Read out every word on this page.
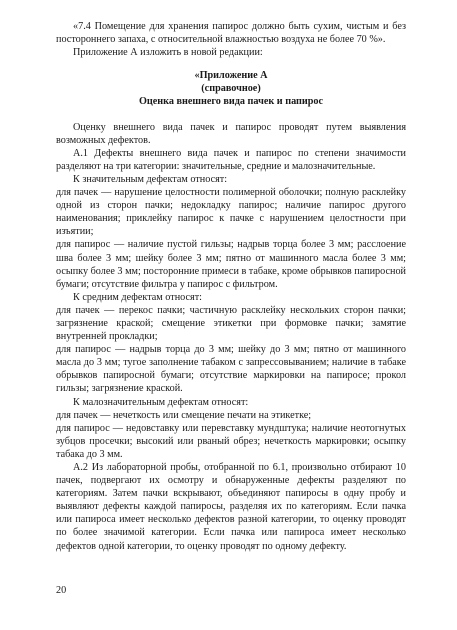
«7.4 Помещение для хранения папирос должно быть сухим, чистым и без постороннего запаха, с относительной влажностью воздуха не более 70 %».

Приложение А изложить в новой редакции:

«Приложение А

(справочное)

Оценка внешнего вида пачек и папирос

Оценку внешнего вида пачек и папирос проводят путем выявления возможных дефектов.

А.1 Дефекты внешнего вида пачек и папирос по степени значимости разделяют на три категории: значительные, средние и малозначительные.

К значительным дефектам относят:

для пачек — нарушение целостности полимерной оболочки; полную расклейку одной из сторон пачки; недокладку папирос; наличие папирос другого наименования; приклейку папирос к пачке с нарушением целостности при изъятии;

для папирос — наличие пустой гильзы; надрыв торца более 3 мм; расслоение шва более 3 мм; шейку более 3 мм; пятно от машинного масла более 3 мм; осыпку более 3 мм; посторонние примеси в табаке, кроме обрывков папиросной бумаги; отсутствие фильтра у папирос с фильтром.

К средним дефектам относят:

для пачек — перекос пачки; частичную расклейку нескольких сторон пачки; загрязнение краской; смещение этикетки при формовке пачки; замятие внутренней прокладки;

для папирос — надрыв торца до 3 мм; шейку до 3 мм; пятно от машинного масла до 3 мм; тугое заполнение табаком с запрессовыванием; наличие в табаке обрывков папиросной бумаги; отсутствие маркировки на папиросе; прокол гильзы; загрязнение краской.

К малозначительным дефектам относят:

для пачек — нечеткость или смещение печати на этикетке;

для папирос — недовставку или перевставку мундштука; наличие неотогнутых зубцов просечки; высокий или рваный обрез; нечеткость маркировки; осыпку табака до 3 мм.

А.2 Из лабораторной пробы, отобранной по 6.1, произвольно отбирают 10 пачек, подвергают их осмотру и обнаруженные дефекты разделяют по категориям. Затем пачки вскрывают, объединяют папиросы в одну пробу и выявляют дефекты каждой папиросы, разделяя их по категориям. Если пачка или папироса имеет несколько дефектов разной категории, то оценку проводят по более значимой категории. Если пачка или папироса имеет несколько дефектов одной категории, то оценку проводят по одному дефекту.

20
